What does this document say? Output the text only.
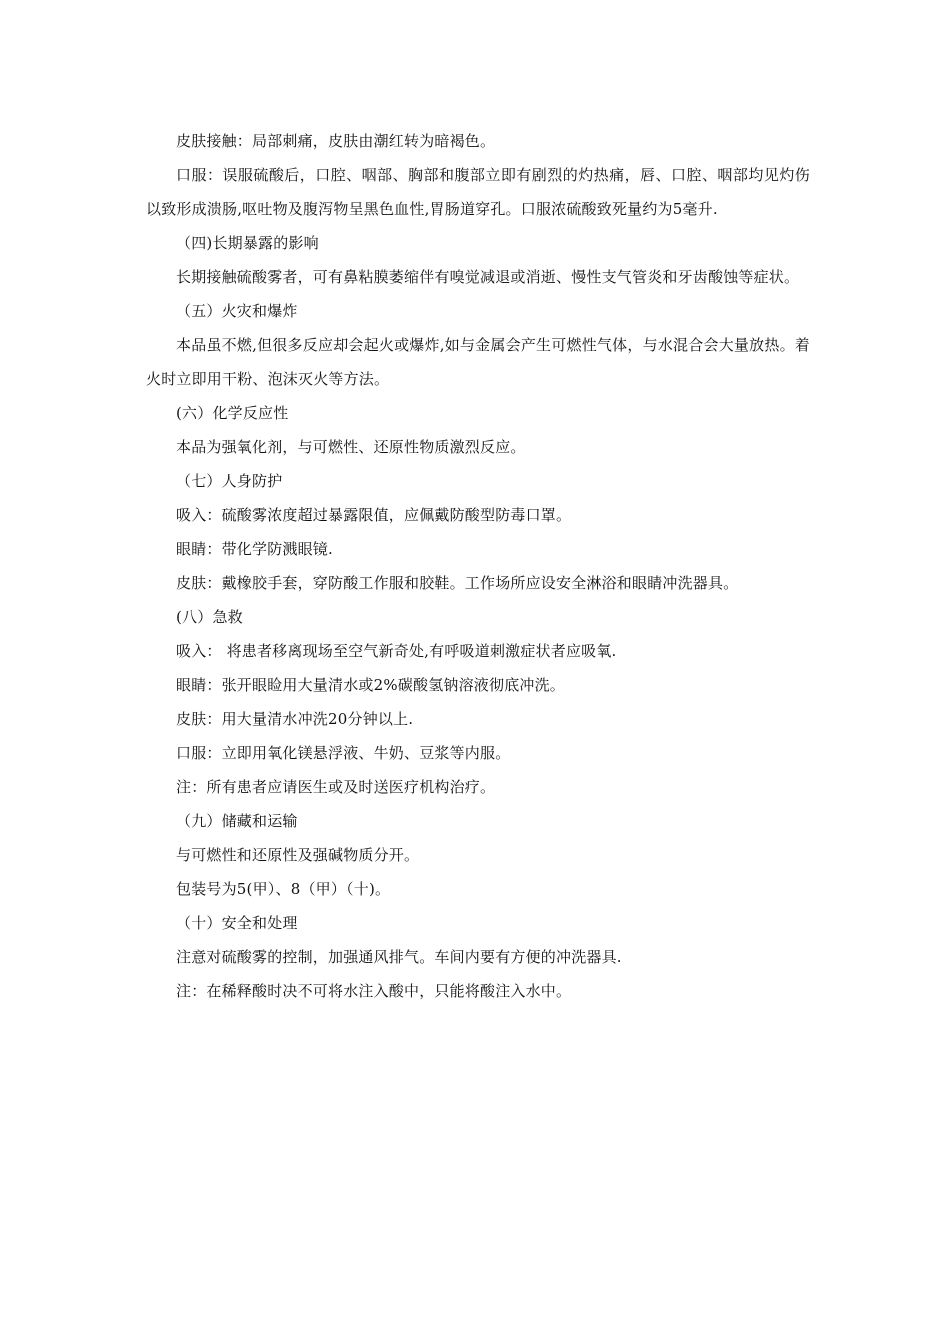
皮肤接触：局部刺痛，皮肤由潮红转为暗褐色。

口服：误服硫酸后，口腔、咽部、胸部和腹部立即有剧烈的灼热痛，唇、口腔、咽部均见灼伤以致形成溃肠,呕吐物及腹泻物呈黑色血性,胃肠道穿孔。口服浓硫酸致死量约为5毫升.

（四)长期暴露的影响

长期接触硫酸雾者，可有鼻粘膜萎缩伴有嗅觉减退或消逝、慢性支气管炎和牙齿酸蚀等症状。

（五）火灾和爆炸

本品虽不燃,但很多反应却会起火或爆炸,如与金属会产生可燃性气体，与水混合会大量放热。着火时立即用干粉、泡沫灭火等方法。

(六）化学反应性

本品为强氧化剂，与可燃性、还原性物质激烈反应。

（七）人身防护

吸入：硫酸雾浓度超过暴露限值，应佩戴防酸型防毒口罩。

眼睛：带化学防溅眼镜.

皮肤：戴橡胶手套，穿防酸工作服和胶鞋。工作场所应设安全淋浴和眼睛冲洗器具。

(八）急救

吸入： 将患者移离现场至空气新奇处,有呼吸道刺激症状者应吸氧.

眼睛：张开眼睑用大量清水或2%碳酸氢钠溶液彻底冲洗。

皮肤：用大量清水冲洗20分钟以上.

口服：立即用氧化镁悬浮液、牛奶、豆浆等内服。

注：所有患者应请医生或及时送医疗机构治疗。

（九）储藏和运输

与可燃性和还原性及强碱物质分开。

包装号为5(甲）、8（甲）（十)。

（十）安全和处理

注意对硫酸雾的控制，加强通风排气。车间内要有方便的冲洗器具.

注：在稀释酸时决不可将水注入酸中，只能将酸注入水中。
